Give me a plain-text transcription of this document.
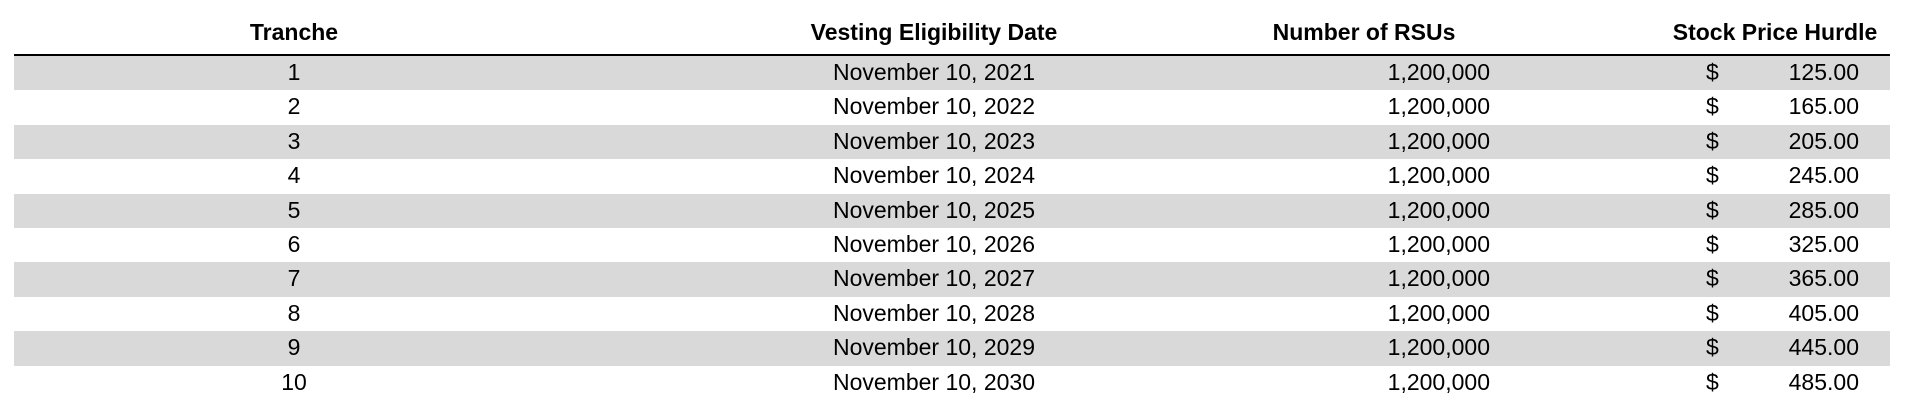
Tranche	Vesting Eligibility Date	Number of RSUs	Stock Price Hurdle
1	November 10, 2021	1,200,000	$	125.00
2	November 10, 2022	1,200,000	$	165.00
3	November 10, 2023	1,200,000	$	205.00
4	November 10, 2024	1,200,000	$	245.00
5	November 10, 2025	1,200,000	$	285.00
6	November 10, 2026	1,200,000	$	325.00
7	November 10, 2027	1,200,000	$	365.00
8	November 10, 2028	1,200,000	$	405.00
9	November 10, 2029	1,200,000	$	445.00
10	November 10, 2030	1,200,000	$	485.00
